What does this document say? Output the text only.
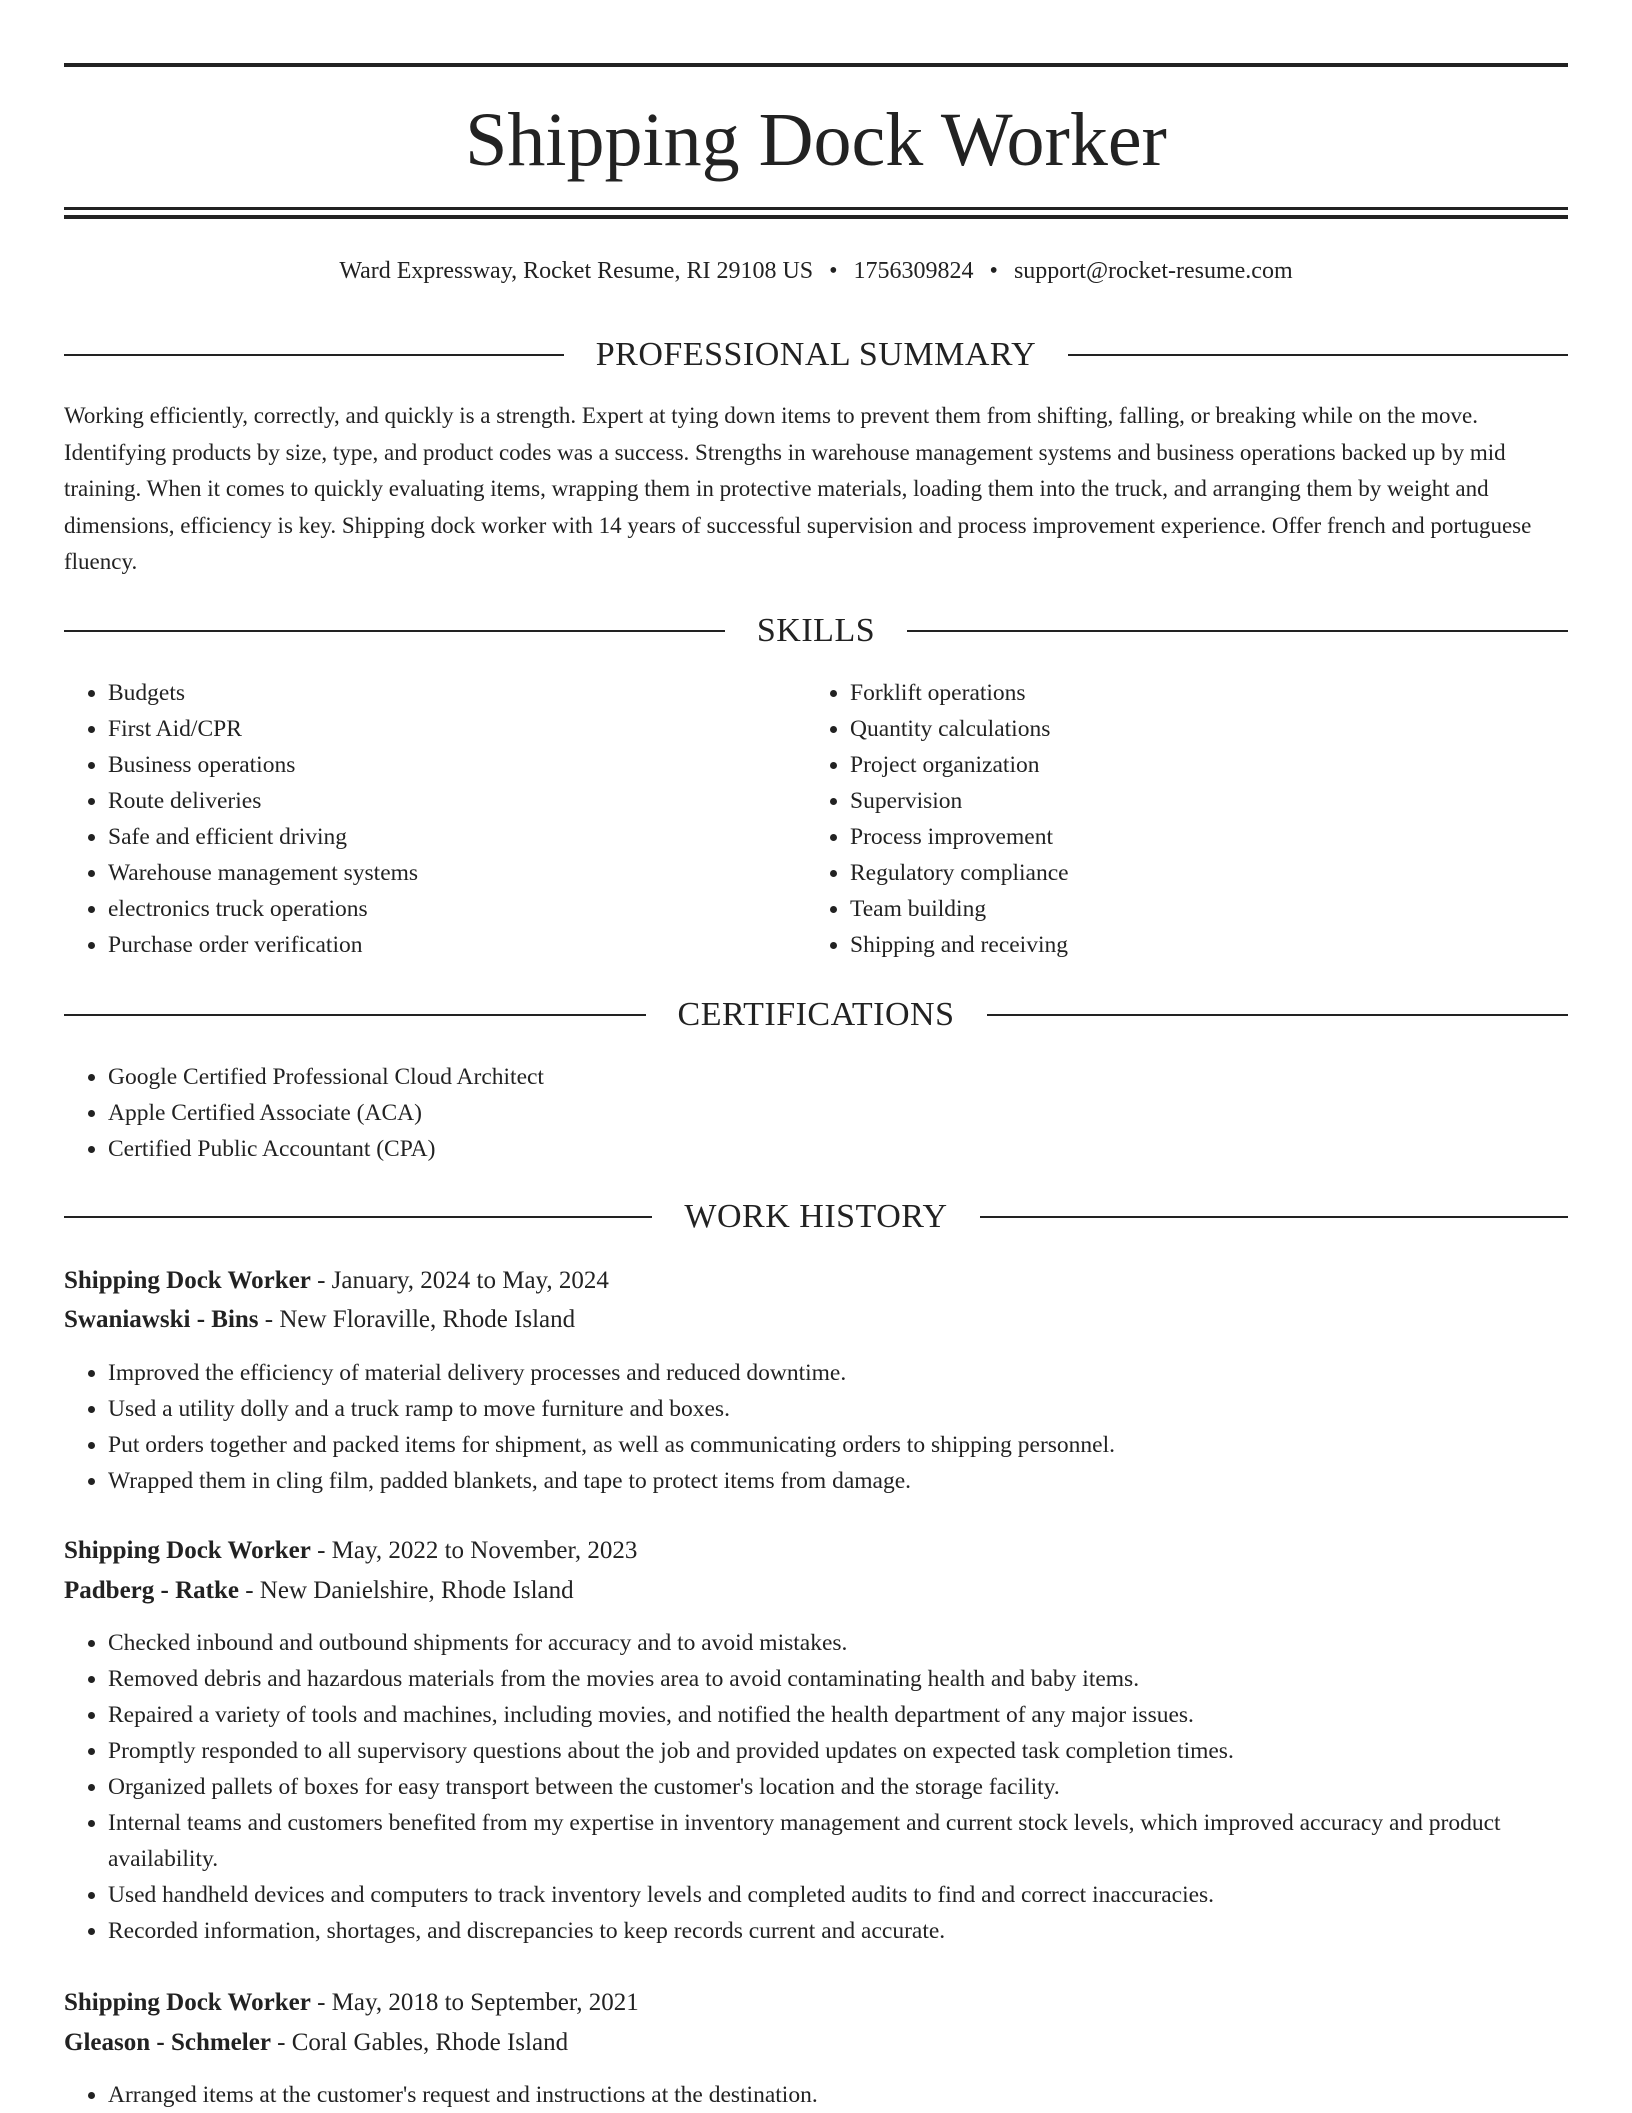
Shipping Dock Worker
Ward Expressway, Rocket Resume, RI 29108 US • 1756309824 • support@rocket-resume.com
PROFESSIONAL SUMMARY

Working efficiently, correctly, and quickly is a strength. Expert at tying down items to prevent them from shifting, falling, or breaking while on the move. Identifying products by size, type, and product codes was a success. Strengths in warehouse management systems and business operations backed up by mid training. When it comes to quickly evaluating items, wrapping them in protective materials, loading them into the truck, and arranging them by weight and dimensions, efficiency is key. Shipping dock worker with 14 years of successful supervision and process improvement experience. Offer french and portuguese fluency.

SKILLS
• Budgets
• First Aid/CPR
• Business operations
• Route deliveries
• Safe and efficient driving
• Warehouse management systems
• electronics truck operations
• Purchase order verification
• Forklift operations
• Quantity calculations
• Project organization
• Supervision
• Process improvement
• Regulatory compliance
• Team building
• Shipping and receiving
CERTIFICATIONS
• Google Certified Professional Cloud Architect
• Apple Certified Associate (ACA)
• Certified Public Accountant (CPA)
WORK HISTORY
Shipping Dock Worker - January, 2024 to May, 2024
Swaniawski - Bins - New Floraville, Rhode Island
• Improved the efficiency of material delivery processes and reduced downtime.
• Used a utility dolly and a truck ramp to move furniture and boxes.
• Put orders together and packed items for shipment, as well as communicating orders to shipping personnel.
• Wrapped them in cling film, padded blankets, and tape to protect items from damage.
Shipping Dock Worker - May, 2022 to November, 2023
Padberg - Ratke - New Danielshire, Rhode Island
• Checked inbound and outbound shipments for accuracy and to avoid mistakes.
• Removed debris and hazardous materials from the movies area to avoid contaminating health and baby items.
• Repaired a variety of tools and machines, including movies, and notified the health department of any major issues.
• Promptly responded to all supervisory questions about the job and provided updates on expected task completion times.
• Organized pallets of boxes for easy transport between the customer's location and the storage facility.
• Internal teams and customers benefited from my expertise in inventory management and current stock levels, which improved accuracy and product availability.
• Used handheld devices and computers to track inventory levels and completed audits to find and correct inaccuracies.
• Recorded information, shortages, and discrepancies to keep records current and accurate.
Shipping Dock Worker - May, 2018 to September, 2021
Gleason - Schmeler - Coral Gables, Rhode Island
• Arranged items at the customer's request and instructions at the destination.
